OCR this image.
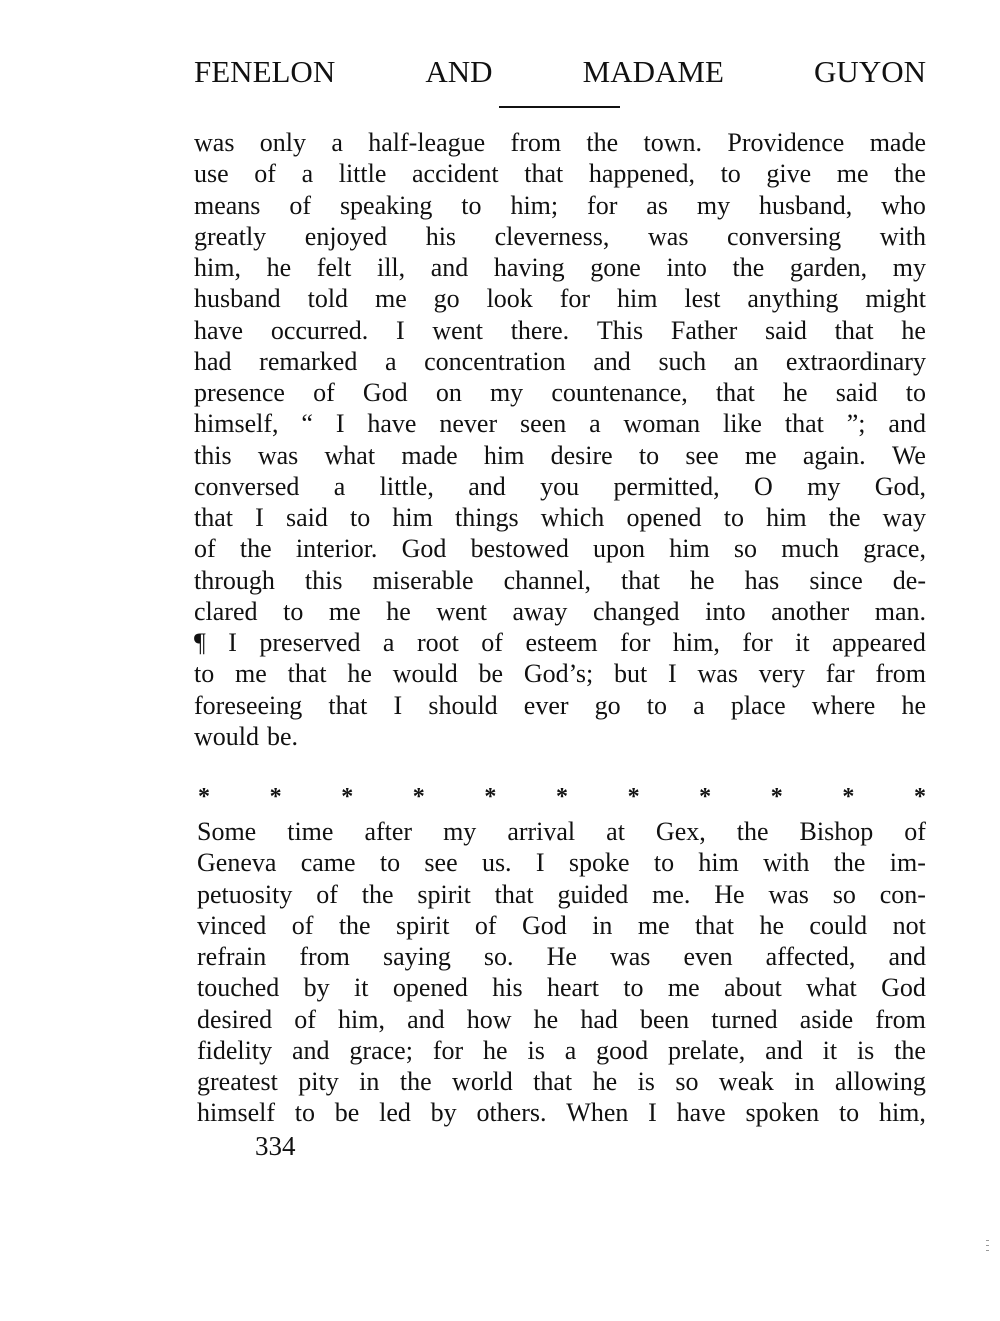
FENELON	AND	MADAME	GUYON
was only a half-league from the town. Providence made
use of a little accident that happened, to give me the
means of speaking to him; for as my husband, who
greatly enjoyed his cleverness, was conversing with
him, he felt ill, and having gone into the garden, my
husband told me go look for him lest anything might
have occurred. I went there. This Father said that he
had remarked a concentration and such an extraordinary
presence of God on my countenance, that he said to
himself, “ I have never seen a woman like that ”; and
this was what made him desire to see me again. We
conversed a little, and you permitted, O my God,
that I said to him things which opened to him the way
of the interior. God bestowed upon him so much grace,
through this miserable channel, that he has since de-
clared to me he went away changed into another man.
¶ I preserved a root of esteem for him, for it appeared
to me that he would be God’s; but I was very far from
foreseeing that I should ever go to a place where he
would be.
* * * * * * * * * * *
Some time after my arrival at Gex, the Bishop of
Geneva came to see us. I spoke to him with the im-
petuosity of the spirit that guided me. He was so con-
vinced of the spirit of God in me that he could not
refrain from saying so. He was even affected, and
touched by it opened his heart to me about what God
desired of him, and how he had been turned aside from
fidelity and grace; for he is a good prelate, and it is the
greatest pity in the world that he is so weak in allowing
himself to be led by others. When I have spoken to him,
334
